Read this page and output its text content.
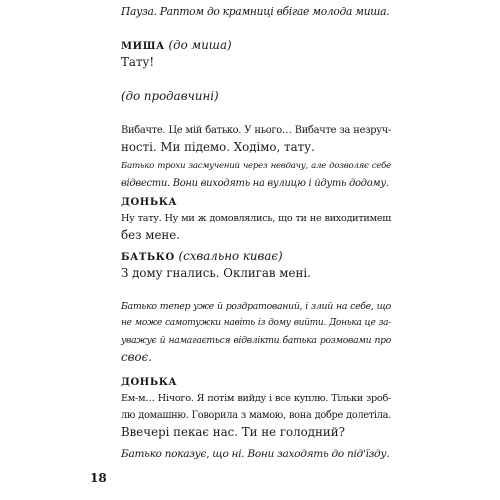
Пауза. Раптом до крамниці вбігае молода миша.

МИША (до миша)

Тату!

(до продавчині)

Вибачте. Це мій батько. У нього… Вибачте за незруч-
ності. Ми підемо. Ходімо, тату.

Батько трохи засмучений через невдачу, але дозволяє себе
відвести. Вони виходять на вулицю і йдуть додому.

ДОНЬКА

Ну тату. Ну ми ж домовлялись, що ти не виходитимеш
без мене.

БАТЬКО (схвально киває)

З дому гнались. Оклигав мені.

Батько тепер уже й роздратований, і злий на себе, що
не може самотужки навіть із дому вийти. Донька це за-
уважує й намагається відвлікти батька розмовами про
своє.

ДОНЬКА

Ем-м… Нічого. Я потім вийду і все куплю. Тільки зроб-
лю домашню. Говорила з мамою, вона добре долетіла.
Ввечері пекає нас. Ти не голодний?

Батько показує, що ні. Вони заходять до під'їзду.

18
